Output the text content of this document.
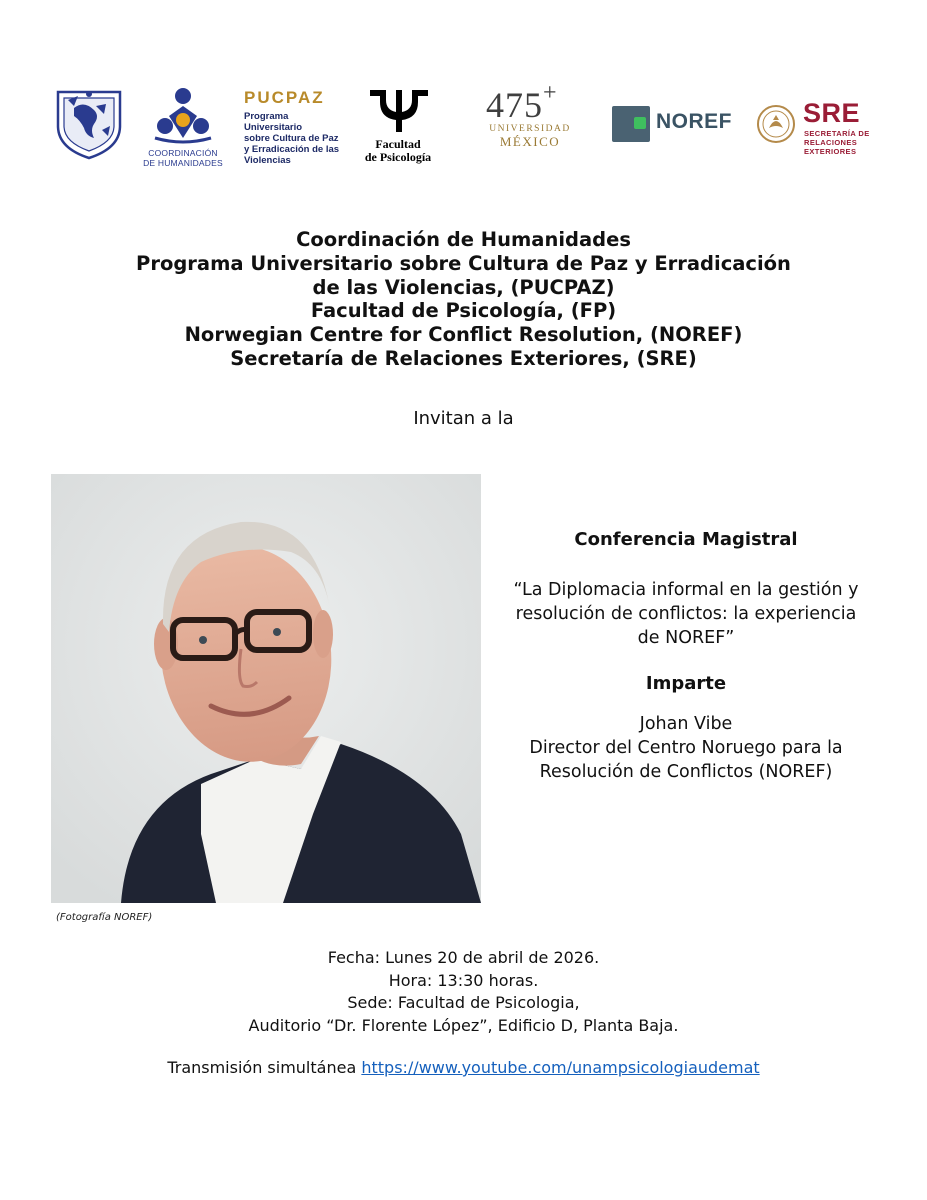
COORDINACIÓN
DE HUMANIDADES
PUCPAZ
Programa Universitario
sobre Cultura de Paz
y Erradicación de las
Violencias
Facultad
de Psicología
475+
UNIVERSIDAD
MÉXICO
NOREF	SRE
SECRETARÍA DE
RELACIONES
EXTERIORES
Coordinación de Humanidades
Programa Universitario sobre Cultura de Paz y Erradicación
de las Violencias, (PUCPAZ)
Facultad de Psicología, (FP)
Norwegian Centre for Conflict Resolution, (NOREF)
Secretaría de Relaciones Exteriores, (SRE)
Invitan a la
(Fotografía NOREF)
Conferencia Magistral
“La Diplomacia informal en la gestión y
resolución de conflictos: la experiencia
de NOREF”
Imparte
Johan Vibe
Director del Centro Noruego para la
Resolución de Conflictos (NOREF)
Fecha: Lunes 20 de abril de 2026.
Hora: 13:30 horas.
Sede: Facultad de Psicologia,
Auditorio “Dr. Florente López”, Edificio D, Planta Baja.
Transmisión simultánea https://www.youtube.com/unampsicologiaudemat
